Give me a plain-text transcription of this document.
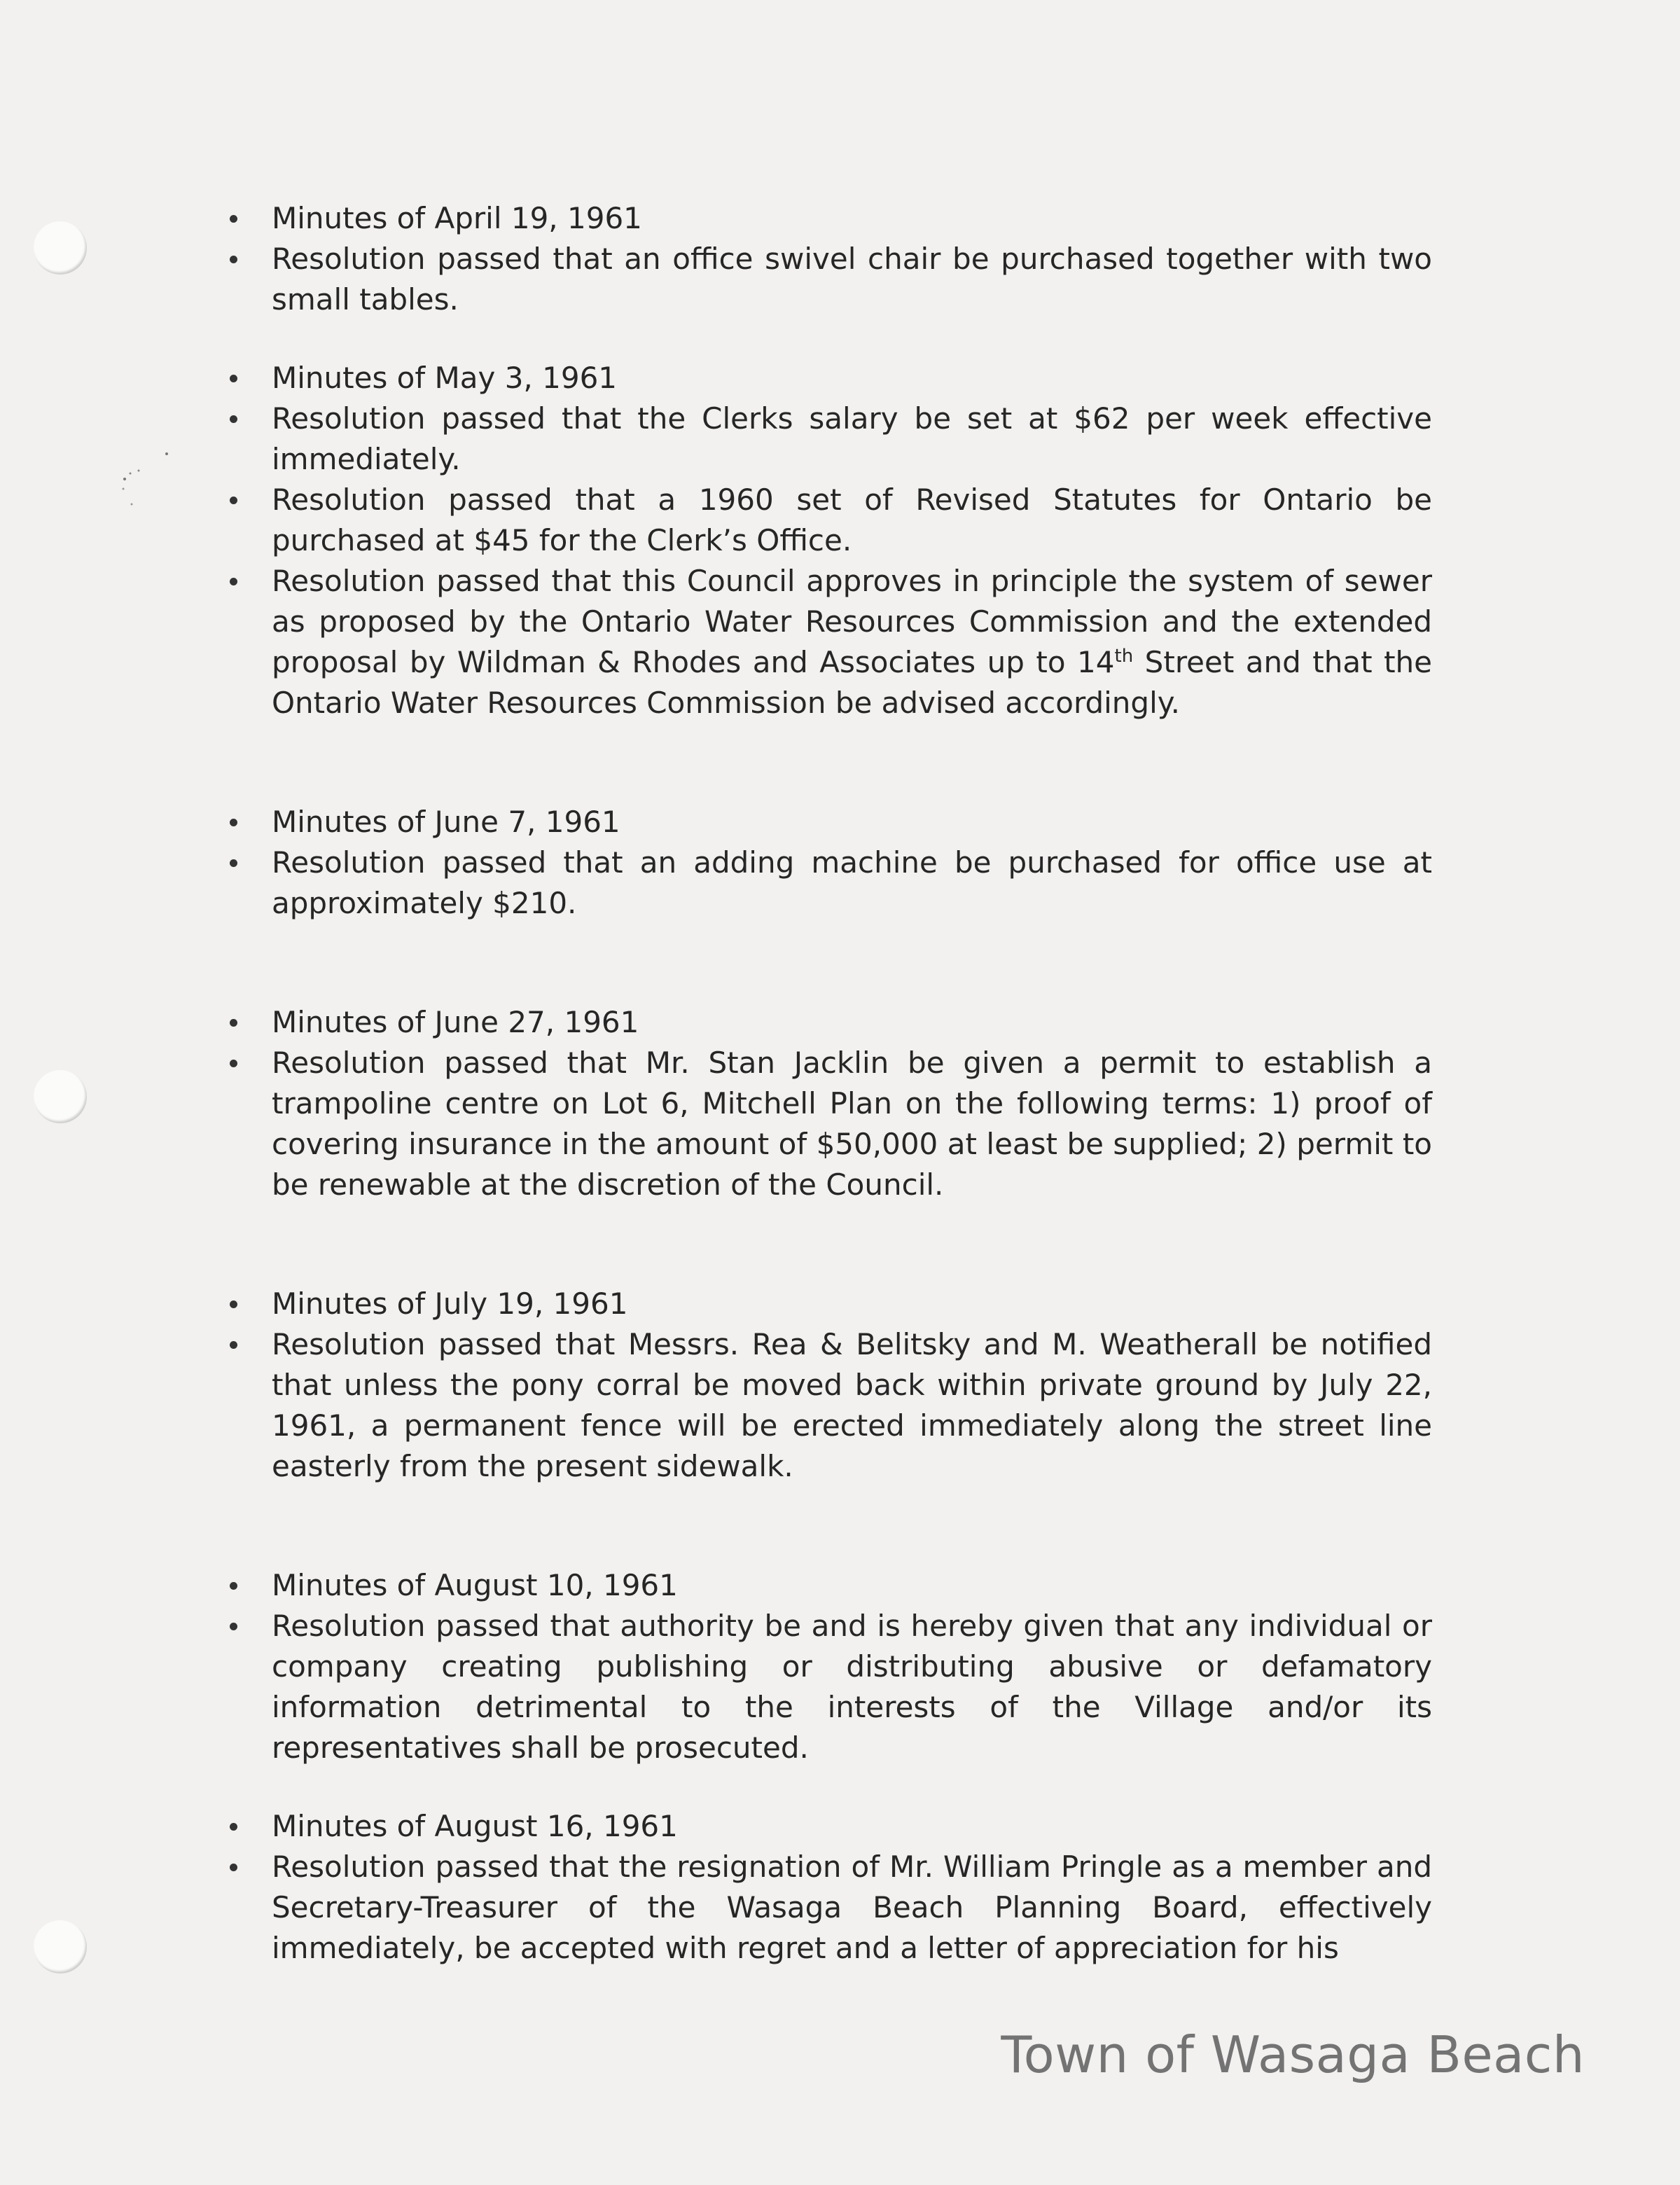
Minutes of April 19, 1961
Resolution passed that an office swivel chair be purchased together with two small tables.
Minutes of May 3, 1961
Resolution passed that the Clerks salary be set at $62 per week effective immediately.
Resolution passed that a 1960 set of Revised Statutes for Ontario be purchased at $45 for the Clerk’s Office.
Resolution passed that this Council approves in principle the system of sewer as proposed by the Ontario Water Resources Commission and the extended proposal by Wildman & Rhodes and Associates up to 14th Street and that the Ontario Water Resources Commission be advised accordingly.
Minutes of June 7, 1961
Resolution passed that an adding machine be purchased for office use at approximately $210.
Minutes of June 27, 1961
Resolution passed that Mr. Stan Jacklin be given a permit to establish a trampoline centre on Lot 6, Mitchell Plan on the following terms: 1) proof of covering insurance in the amount of $50,000 at least be supplied; 2) permit to be renewable at the discretion of the Council.
Minutes of July 19, 1961
Resolution passed that Messrs. Rea & Belitsky and M. Weatherall be notified that unless the pony corral be moved back within private ground by July 22, 1961, a permanent fence will be erected immediately along the street line easterly from the present sidewalk.
Minutes of August 10, 1961
Resolution passed that authority be and is hereby given that any individual or company creating publishing or distributing abusive or defamatory information detrimental to the interests of the Village and/or its representatives shall be prosecuted.
Minutes of August 16, 1961
Resolution passed that the resignation of Mr. William Pringle as a member and Secretary-Treasurer of the Wasaga Beach Planning Board, effectively immediately, be accepted with regret and a letter of appreciation for his
Town of Wasaga Beach
